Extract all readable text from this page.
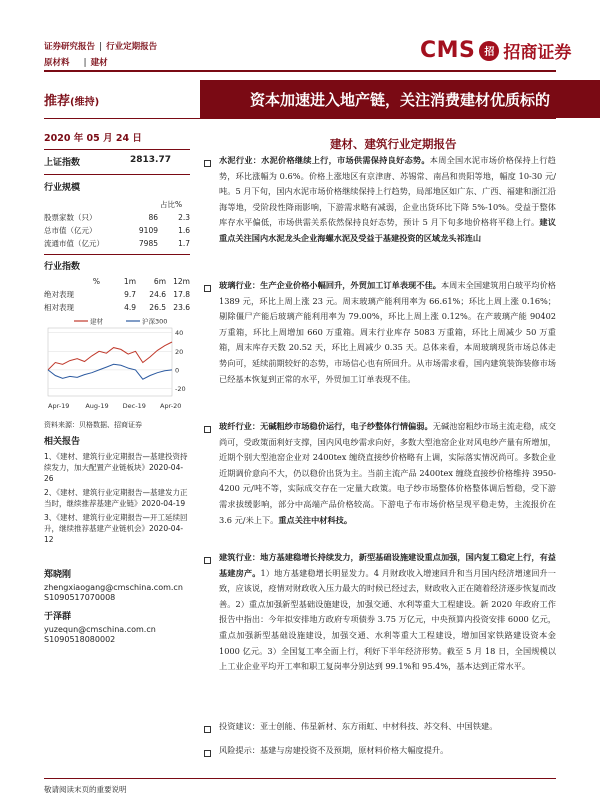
证券研究报告 | 行业定期报告
原材料 | 建材	CMS 招 招商证券
推荐(维持)	资本加速进入地产链，关注消费建材优质标的
2020 年 05 月 24 日	建材、建筑行业定期报告
上证指数	2813.77
行业规模
占比%
股票家数（只）	86	2.3
总市值（亿元）	9109	1.6
流通市值（亿元）	7985	1.7
行业指数
%	1m	6m	12m
绝对表现	9.7	24.6	17.8
相对表现	4.9	26.5	23.6
40
20
0
-20
建材	沪深300
Apr-19 Aug-19 Dec-19 Apr-20
资料来源：贝格数据、招商证券
相关报告
1、《建材、建筑行业定期报告—基建投资持续发力，加大配置产业链板块》2020-04-26
2、《建材、建筑行业定期报告—基建发力正当时，继续推荐基建产业链》2020-04-19
3、《建材、建筑行业定期报告—开工延续回升，继续推荐基建产业链机会》2020-04-12
郑晓刚
zhengxiaogang@cmschina.com.cn
S1090517070008
于泽群
yuzequn@cmschina.com.cn
S1090518080002
敬请阅读末页的重要说明
水泥行业：水泥价格继续上行，市场供需保持良好态势。本周全国水泥市场价格保持上行趋势，环比涨幅为 0.6%。价格上涨地区有京津唐、苏锡常、南昌和贵阳等地，幅度 10-30 元/吨。5 月下旬，国内水泥市场价格继续保持上行趋势，局部地区如广东、广西、福建和浙江沿海等地，受阶段性降雨影响，下游需求略有减弱，企业出货环比下降 5%-10%。受益于整体库存水平偏低，市场供需关系依然保持良好态势，预计 5 月下旬多地价格将平稳上行。建议重点关注国内水泥龙头企业海螺水泥及受益于基建投资的区域龙头祁连山
玻璃行业：生产企业价格小幅回升，外贸加工订单表现不佳。本周末全国建筑用白玻平均价格 1389 元，环比上周上涨 23 元。周末玻璃产能利用率为 66.61%；环比上周上涨 0.16%；剔除僵尸产能后玻璃产能利用率为 79.00%，环比上周上涨 0.12%。在产玻璃产能 90402 万重箱，环比上周增加 660 万重箱。周末行业库存 5083 万重箱，环比上周减少 50 万重箱，周末库存天数 20.52 天，环比上周减少 0.35 天。总体来看，本周玻璃现货市场总体走势向可，延续前期较好的态势，市场信心也有所回升。从市场需求看，国内建筑装饰装修市场已经基本恢复到正常的水平，外贸加工订单表现不佳。
玻纤行业：无碱粗纱市场稳价运行，电子纱整体行情偏弱。无碱池窑粗纱市场主流走稳，成交尚可，受政策面利好支撑，国内风电纱需求向好，多数大型池窑企业对风电纱产量有所增加，近期个别大型池窑企业对 2400tex 缠绕直接纱价格略有上调，实际落实情况尚可。多数企业近期调价意向不大，仍以稳价出货为主。当前主流产品 2400tex 缠绕直接纱价格维持 3950-4200 元/吨不等，实际成交存在一定量大政策。电子纱市场整体价格整体调后暂稳，受下游需求拔缓影响，部分中高端产品价格较高。下游电子布市场价格呈现平稳走势，主流报价在 3.6 元/米上下。重点关注中材科技。
建筑行业：地方基建稳增长持续发力，新型基础设施建设重点加强，国内复工稳定上行，有益基建房产。1）地方基建稳增长明显发力。4 月财政收入增速回升和当月国内经济增速回升一致，应该说，疫情对财政收入压力最大的时候已经过去，财政收入正在随着经济逐步恢复而改善。2）重点加强新型基础设施建设，加强交通、水利等重大工程建设。新 2020 年政府工作报告中指出：今年拟安排地方政府专项债券 3.75 万亿元，中央预算内投资安排 6000 亿元，重点加强新型基础设施建设，加强交通、水利等重大工程建设，增加国家铁路建设资本金 1000 亿元。3）全国复工率全面上行，利好下半年经济形势。截至 5 月 18 日，全国规模以上工业企业平均开工率和职工复岗率分别达到 99.1%和 95.4%，基本达到正常水平。
投资建议：亚士创能、伟星新材、东方雨虹、中材科技、苏交科、中国铁建。
风险提示：基建与房建投资不及预期，原材料价格大幅度提升。
